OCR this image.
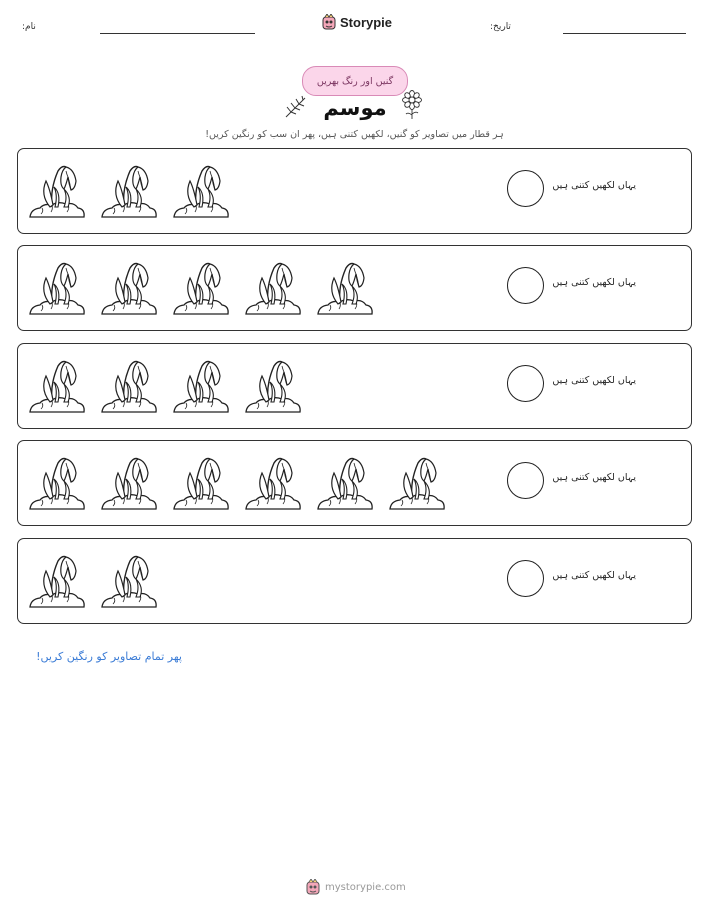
تاریخ:
Storypie
نام:
گنیں اور رنگ بھریں
موسم
ہر قطار میں تصاویر کو گنیں، لکھیں کتنی ہیں، پھر ان سب کو رنگین کریں!
یہاں لکھیں کتنی ہیں
یہاں لکھیں کتنی ہیں
یہاں لکھیں کتنی ہیں
یہاں لکھیں کتنی ہیں
یہاں لکھیں کتنی ہیں
پھر تمام تصاویر کو رنگین کریں!
mystorypie.com
